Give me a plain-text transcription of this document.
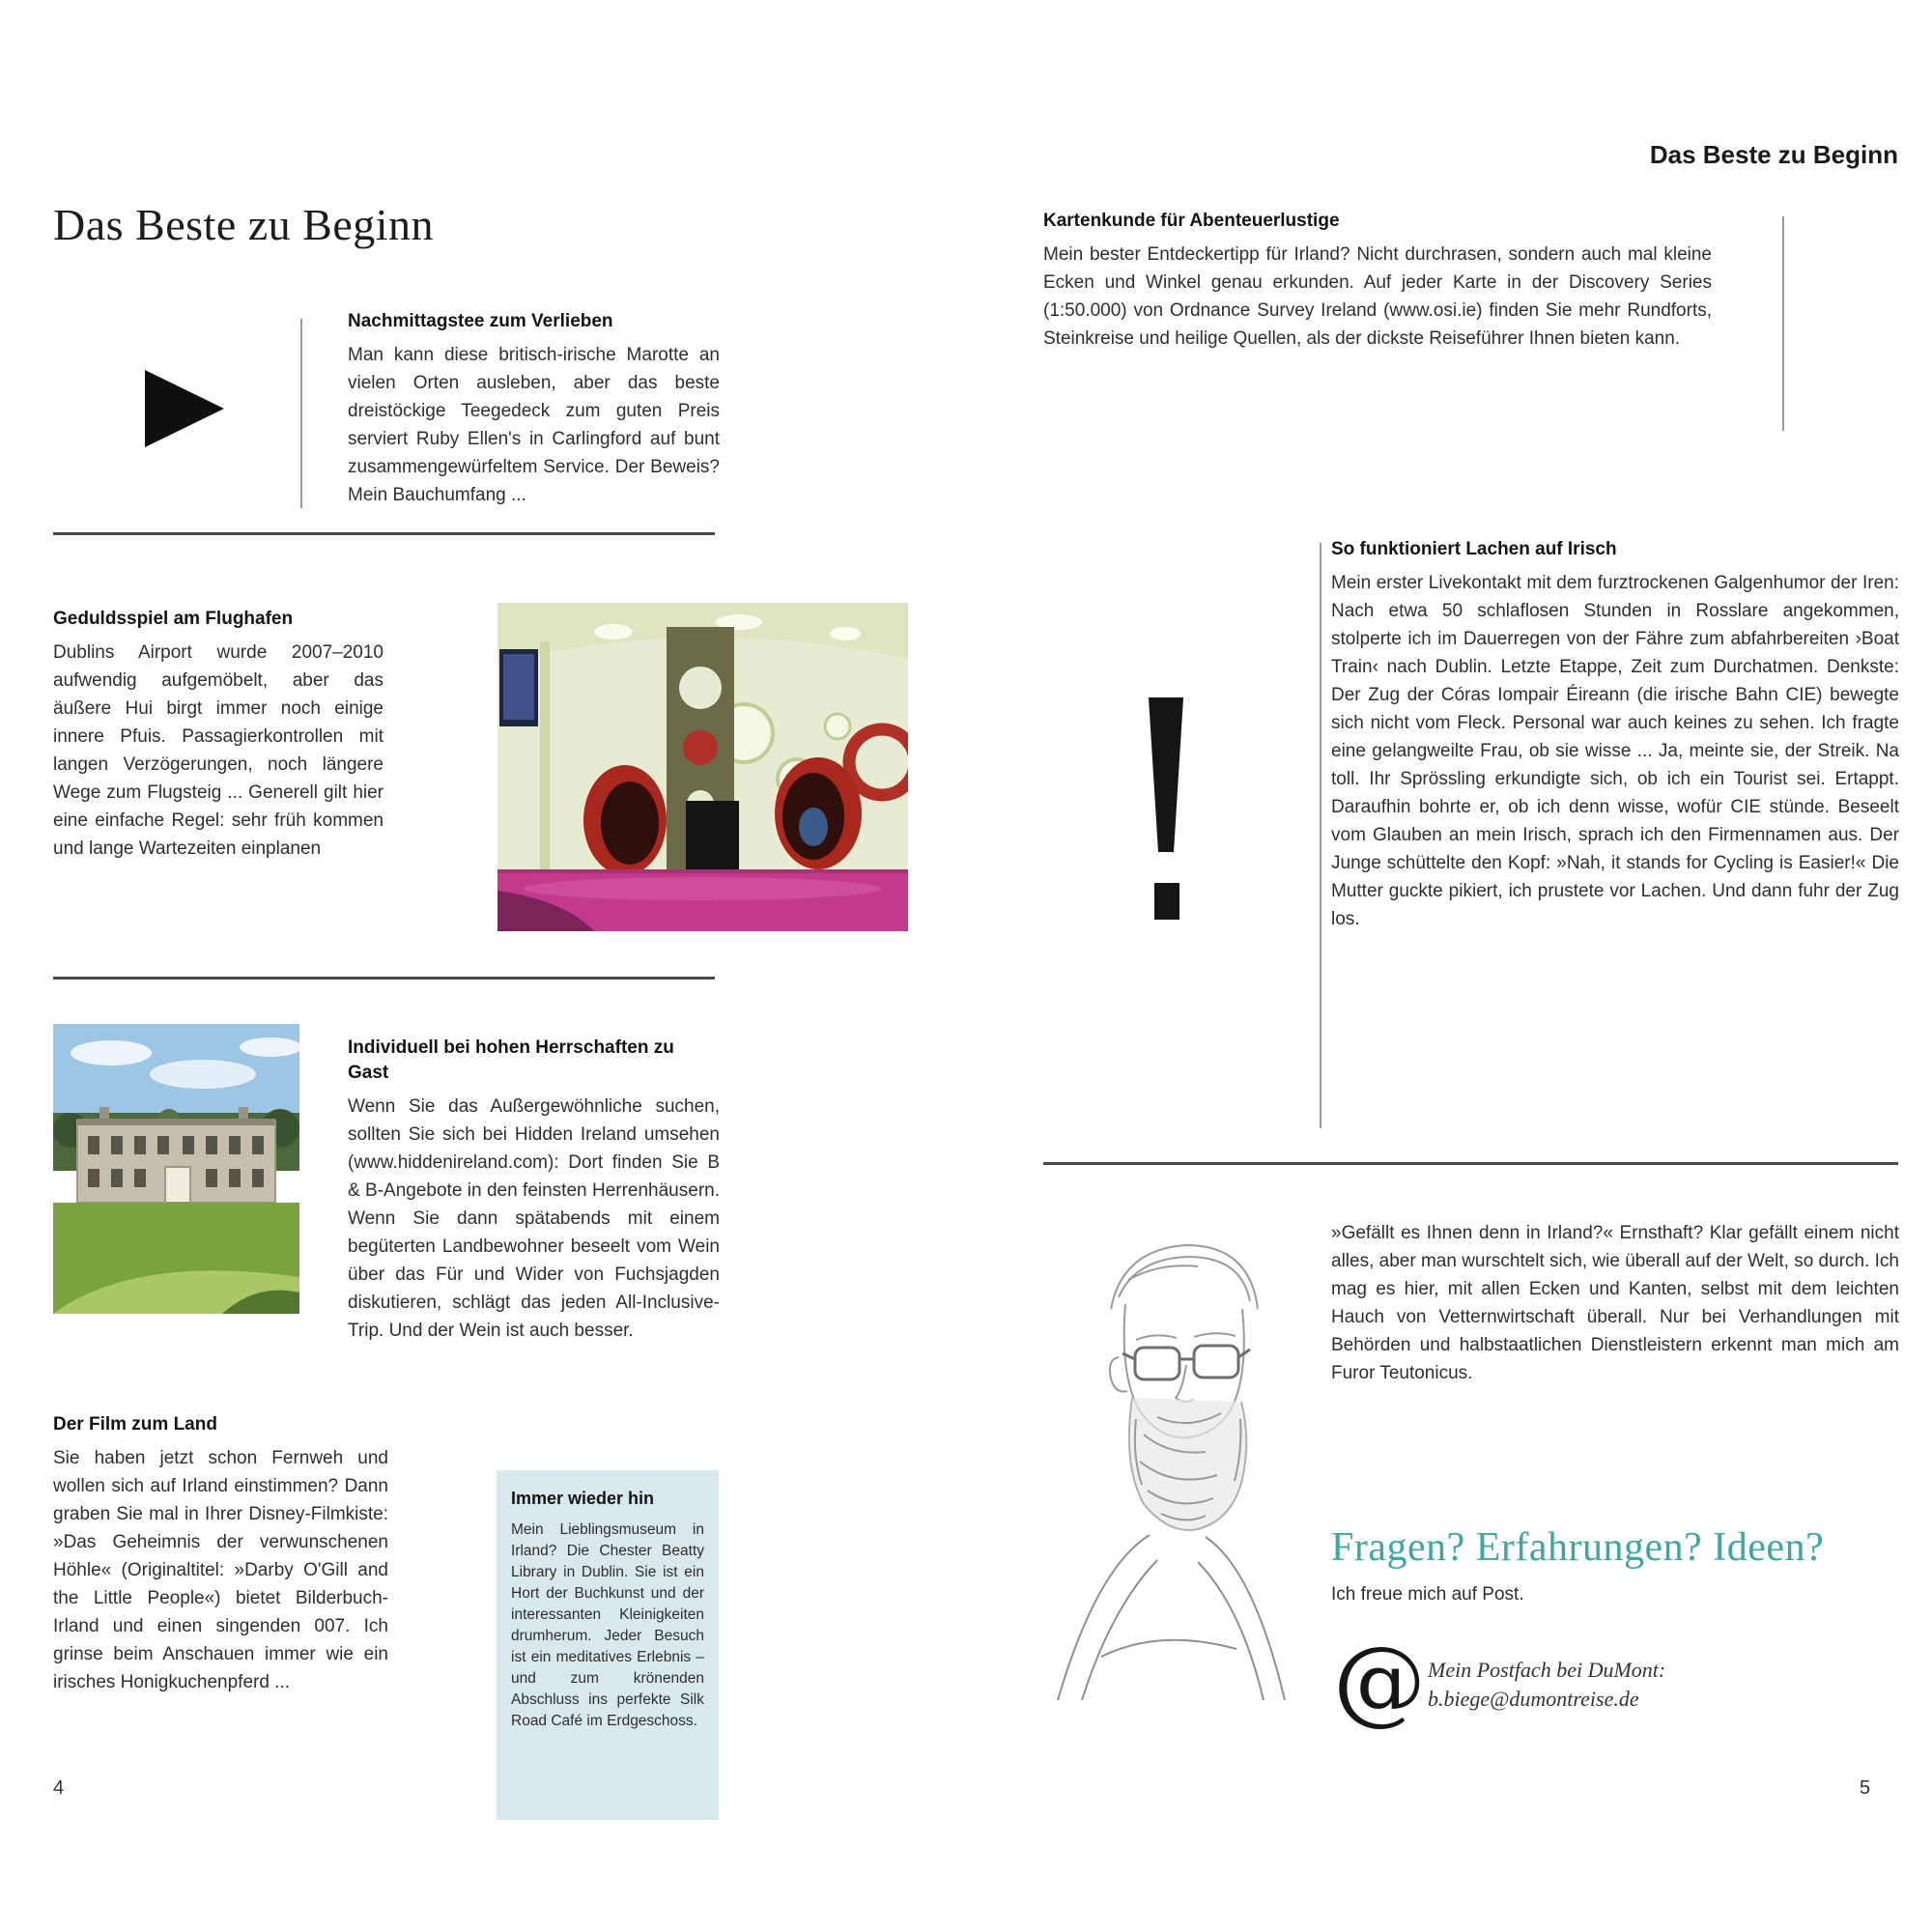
Das Beste zu Beginn
Nachmittagstee zum Verlieben
Man kann diese britisch-irische Marotte an vielen Orten ausleben, aber das beste dreistöckige Teegedeck zum guten Preis serviert Ruby Ellen's in Carlingford auf bunt zusammengewürfeltem Service. Der Beweis? Mein Bauchumfang ...
Geduldsspiel am Flughafen
Dublins Airport wurde 2007–2010 aufwendig aufgemöbelt, aber das äußere Hui birgt immer noch einige innere Pfuis. Passagierkontrollen mit langen Verzögerungen, noch längere Wege zum Flugsteig ... Generell gilt hier eine einfache Regel: sehr früh kommen und lange Wartezeiten einplanen
Individuell bei hohen Herrschaften zu Gast
Wenn Sie das Außergewöhnliche suchen, sollten Sie sich bei Hidden Ireland umsehen (www.hiddenireland.com): Dort finden Sie B & B-Angebote in den feinsten Herrenhäusern. Wenn Sie dann spätabends mit einem begüterten Landbewohner beseelt vom Wein über das Für und Wider von Fuchsjagden diskutieren, schlägt das jeden All-Inclusive-Trip. Und der Wein ist auch besser.
Der Film zum Land
Sie haben jetzt schon Fernweh und wollen sich auf Irland einstimmen? Dann graben Sie mal in Ihrer Disney-Filmkiste: »Das Geheimnis der verwunschenen Höhle« (Originaltitel: »Darby O'Gill and the Little People«) bietet Bilderbuch-Irland und einen singenden 007. Ich grinse beim Anschauen immer wie ein irisches Honigkuchenpferd ...
Immer wieder hin
Mein Lieblingsmuseum in Irland? Die Chester Beatty Library in Dublin. Sie ist ein Hort der Buchkunst und der interessanten Kleinigkeiten drumherum. Jeder Besuch ist ein meditatives Erlebnis – und zum krönenden Abschluss ins perfekte Silk Road Café im Erdgeschoss.
4
Das Beste zu Beginn
Kartenkunde für Abenteuerlustige
Mein bester Entdeckertipp für Irland? Nicht durchrasen, sondern auch mal kleine Ecken und Winkel genau erkunden. Auf jeder Karte in der Discovery Series (1:50.000) von Ordnance Survey Ireland (www.osi.ie) finden Sie mehr Rundforts, Steinkreise und heilige Quellen, als der dickste Reiseführer Ihnen bieten kann.
So funktioniert Lachen auf Irisch
Mein erster Livekontakt mit dem furztrockenen Galgenhumor der Iren: Nach etwa 50 schlaflosen Stunden in Rosslare angekommen, stolperte ich im Dauerregen von der Fähre zum abfahrbereiten ›Boat Train‹ nach Dublin. Letzte Etappe, Zeit zum Durchatmen. Denkste: Der Zug der Córas Iompair Éireann (die irische Bahn CIE) bewegte sich nicht vom Fleck. Personal war auch keines zu sehen. Ich fragte eine gelangweilte Frau, ob sie wisse ... Ja, meinte sie, der Streik. Na toll. Ihr Sprössling erkundigte sich, ob ich ein Tourist sei. Ertappt. Daraufhin bohrte er, ob ich denn wisse, wofür CIE stünde. Beseelt vom Glauben an mein Irisch, sprach ich den Firmennamen aus. Der Junge schüttelte den Kopf: »Nah, it stands for Cycling is Easier!« Die Mutter guckte pikiert, ich prustete vor Lachen. Und dann fuhr der Zug los.
»Gefällt es Ihnen denn in Irland?« Ernsthaft? Klar gefällt einem nicht alles, aber man wurschtelt sich, wie überall auf der Welt, so durch. Ich mag es hier, mit allen Ecken und Kanten, selbst mit dem leichten Hauch von Vetternwirtschaft überall. Nur bei Verhandlungen mit Behörden und halbstaatlichen Dienstleistern erkennt man mich am Furor Teutonicus.
Fragen? Erfahrungen? Ideen?
Ich freue mich auf Post.
@ Mein Postfach bei DuMont:
b.biege@dumontreise.de
5
